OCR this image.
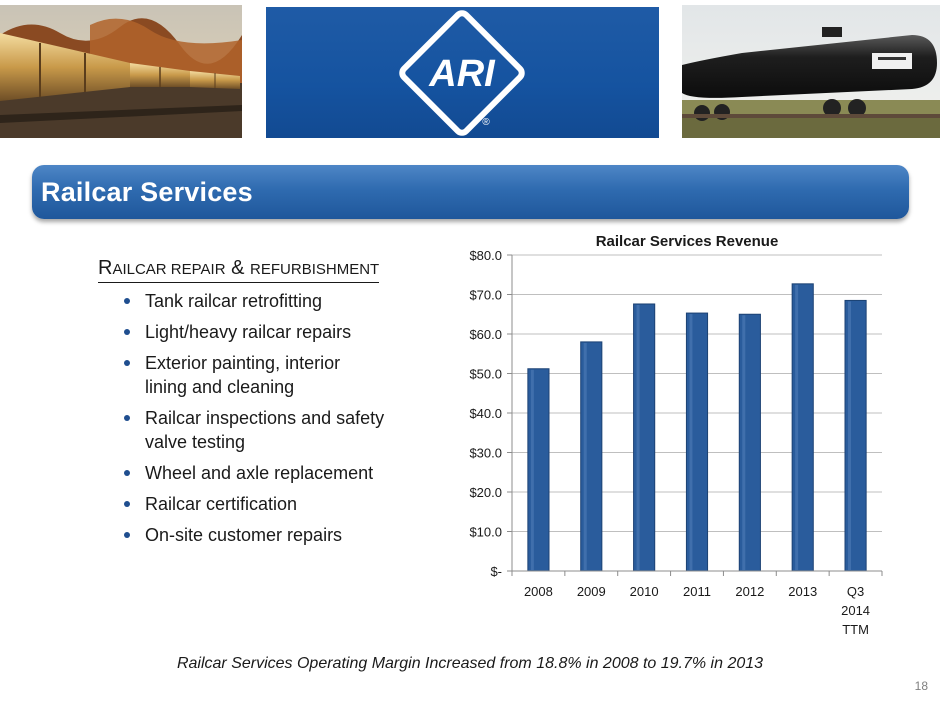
ARI
®
Railcar Services
RAILCAR REPAIR & REFURBISHMENT
Tank railcar retrofitting
Light/heavy railcar repairs
Exterior painting, interior
lining and cleaning
Railcar inspections and safety
valve testing
Wheel and axle replacement
Railcar certification
On-site customer repairs
Railcar Services Revenue
$-
$10.0
$20.0
$30.0
$40.0
$50.0
$60.0
$70.0
$80.0
2008 2009 2010 2011 2012 2013 Q3
2014
TTM
Railcar Services Operating Margin Increased from 18.8% in 2008 to 19.7% in 2013
18
